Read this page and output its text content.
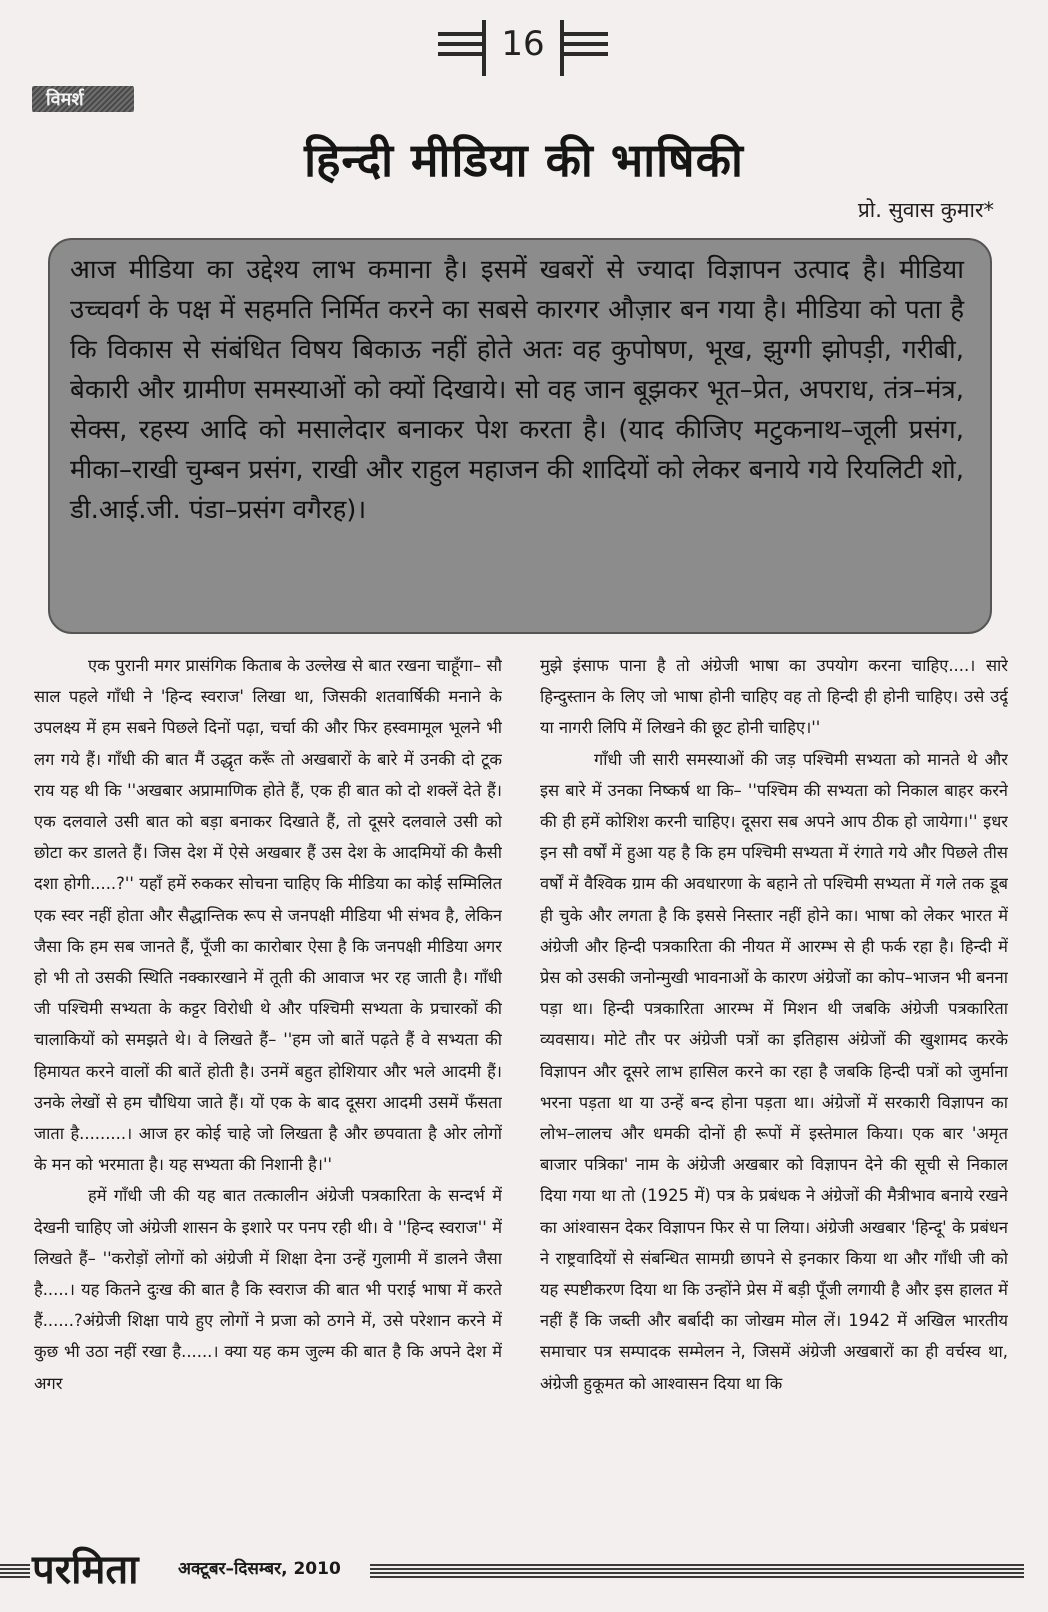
16
विमर्श
हिन्दी मीडिया की भाषिकी
प्रो. सुवास कुमार*

आज मीडिया का उद्देश्य लाभ कमाना है। इसमें खबरों से ज्यादा विज्ञापन उत्पाद है। मीडिया उच्चवर्ग के पक्ष में सहमति निर्मित करने का सबसे कारगर औज़ार बन गया है। मीडिया को पता है कि विकास से संबंधित विषय बिकाऊ नहीं होते अतः वह कुपोषण, भूख, झुग्गी झोपड़ी, गरीबी, बेकारी और ग्रामीण समस्याओं को क्यों दिखाये। सो वह जान बूझकर भूत–प्रेत, अपराध, तंत्र–मंत्र, सेक्स, रहस्य आदि को मसालेदार बनाकर पेश करता है। (याद कीजिए मटुकनाथ–जूली प्रसंग, मीका–राखी चुम्बन प्रसंग, राखी और राहुल महाजन की शादियों को लेकर बनाये गये रियलिटी शो, डी.आई.जी. पंडा–प्रसंग वगैरह)।

एक पुरानी मगर प्रासंगिक किताब के उल्लेख से बात रखना चाहूँगा– सौ साल पहले गाँधी ने 'हिन्द स्वराज' लिखा था, जिसकी शतवार्षिकी मनाने के उपलक्ष्य में हम सबने पिछले दिनों पढ़ा, चर्चा की और फिर हस्वमामूल भूलने भी लग गये हैं। गाँधी की बात मैं उद्धृत करूँ तो अखबारों के बारे में उनकी दो टूक राय यह थी कि ''अखबार अप्रामाणिक होते हैं, एक ही बात को दो शक्लें देते हैं। एक दलवाले उसी बात को बड़ा बनाकर दिखाते हैं, तो दूसरे दलवाले उसी को छोटा कर डालते हैं। जिस देश में ऐसे अखबार हैं उस देश के आदमियों की कैसी दशा होगी.....?'' यहाँ हमें रुककर सोचना चाहिए कि मीडिया का कोई सम्मिलित एक स्वर नहीं होता और सैद्धान्तिक रूप से जनपक्षी मीडिया भी संभव है, लेकिन जैसा कि हम सब जानते हैं, पूँजी का कारोबार ऐसा है कि जनपक्षी मीडिया अगर हो भी तो उसकी स्थिति नक्कारखाने में तूती की आवाज भर रह जाती है। गाँधी जी पश्चिमी सभ्यता के कट्टर विरोधी थे और पश्चिमी सभ्यता के प्रचारकों की चालाकियों को समझते थे। वे लिखते हैं– ''हम जो बातें पढ़ते हैं वे सभ्यता की हिमायत करने वालों की बातें होती है। उनमें बहुत होशियार और भले आदमी हैं। उनके लेखों से हम चौधिया जाते हैं। यों एक के बाद दूसरा आदमी उसमें फँसता जाता है.........। आज हर कोई चाहे जो लिखता है और छपवाता है ओर लोगों के मन को भरमाता है। यह सभ्यता की निशानी है।''

हमें गाँधी जी की यह बात तत्कालीन अंग्रेजी पत्रकारिता के सन्दर्भ में देखनी चाहिए जो अंग्रेजी शासन के इशारे पर पनप रही थी। वे ''हिन्द स्वराज'' में लिखते हैं– ''करोड़ों लोगों को अंग्रेजी में शिक्षा देना उन्हें गुलामी में डालने जैसा है.....। यह कितने दुःख की बात है कि स्वराज की बात भी पराई भाषा में करते हैं......?अंग्रेजी शिक्षा पाये हुए लोगों ने प्रजा को ठगने में, उसे परेशान करने में कुछ भी उठा नहीं रखा है......। क्या यह कम जुल्म की बात है कि अपने देश में अगर

मुझे इंसाफ पाना है तो अंग्रेजी भाषा का उपयोग करना चाहिए....। सारे हिन्दुस्तान के लिए जो भाषा होनी चाहिए वह तो हिन्दी ही होनी चाहिए। उसे उर्दू या नागरी लिपि में लिखने की छूट होनी चाहिए।''

गाँधी जी सारी समस्याओं की जड़ पश्चिमी सभ्यता को मानते थे और इस बारे में उनका निष्कर्ष था कि– ''पश्चिम की सभ्यता को निकाल बाहर करने की ही हमें कोशिश करनी चाहिए। दूसरा सब अपने आप ठीक हो जायेगा।'' इधर इन सौ वर्षों में हुआ यह है कि हम पश्चिमी सभ्यता में रंगाते गये और पिछले तीस वर्षों में वैश्विक ग्राम की अवधारणा के बहाने तो पश्चिमी सभ्यता में गले तक डूब ही चुके और लगता है कि इससे निस्तार नहीं होने का। भाषा को लेकर भारत में अंग्रेजी और हिन्दी पत्रकारिता की नीयत में आरम्भ से ही फर्क रहा है। हिन्दी में प्रेस को उसकी जनोन्मुखी भावनाओं के कारण अंग्रेजों का कोप–भाजन भी बनना पड़ा था। हिन्दी पत्रकारिता आरम्भ में मिशन थी जबकि अंग्रेजी पत्रकारिता व्यवसाय। मोटे तौर पर अंग्रेजी पत्रों का इतिहास अंग्रेजों की खुशामद करके विज्ञापन और दूसरे लाभ हासिल करने का रहा है जबकि हिन्दी पत्रों को जुर्माना भरना पड़ता था या उन्हें बन्द होना पड़ता था। अंग्रेजों में सरकारी विज्ञापन का लोभ–लालच और धमकी दोनों ही रूपों में इस्तेमाल किया। एक बार 'अमृत बाजार पत्रिका' नाम के अंग्रेजी अखबार को विज्ञापन देने की सूची से निकाल दिया गया था तो (1925 में) पत्र के प्रबंधक ने अंग्रेजों की मैत्रीभाव बनाये रखने का आंश्वासन देकर विज्ञापन फिर से पा लिया। अंग्रेजी अखबार 'हिन्दू' के प्रबंधन ने राष्ट्रवादियों से संबन्धित सामग्री छापने से इनकार किया था और गाँधी जी को यह स्पष्टीकरण दिया था कि उन्होंने प्रेस में बड़ी पूँजी लगायी है और इस हालत में नहीं हैं कि जब्ती और बर्बादी का जोखम मोल लें। 1942 में अखिल भारतीय समाचार पत्र सम्पादक सम्मेलन ने, जिसमें अंग्रेजी अखबारों का ही वर्चस्व था, अंग्रेजी हुकूमत को आश्वासन दिया था कि

परमिता अक्टूबर–दिसम्बर, 2010
